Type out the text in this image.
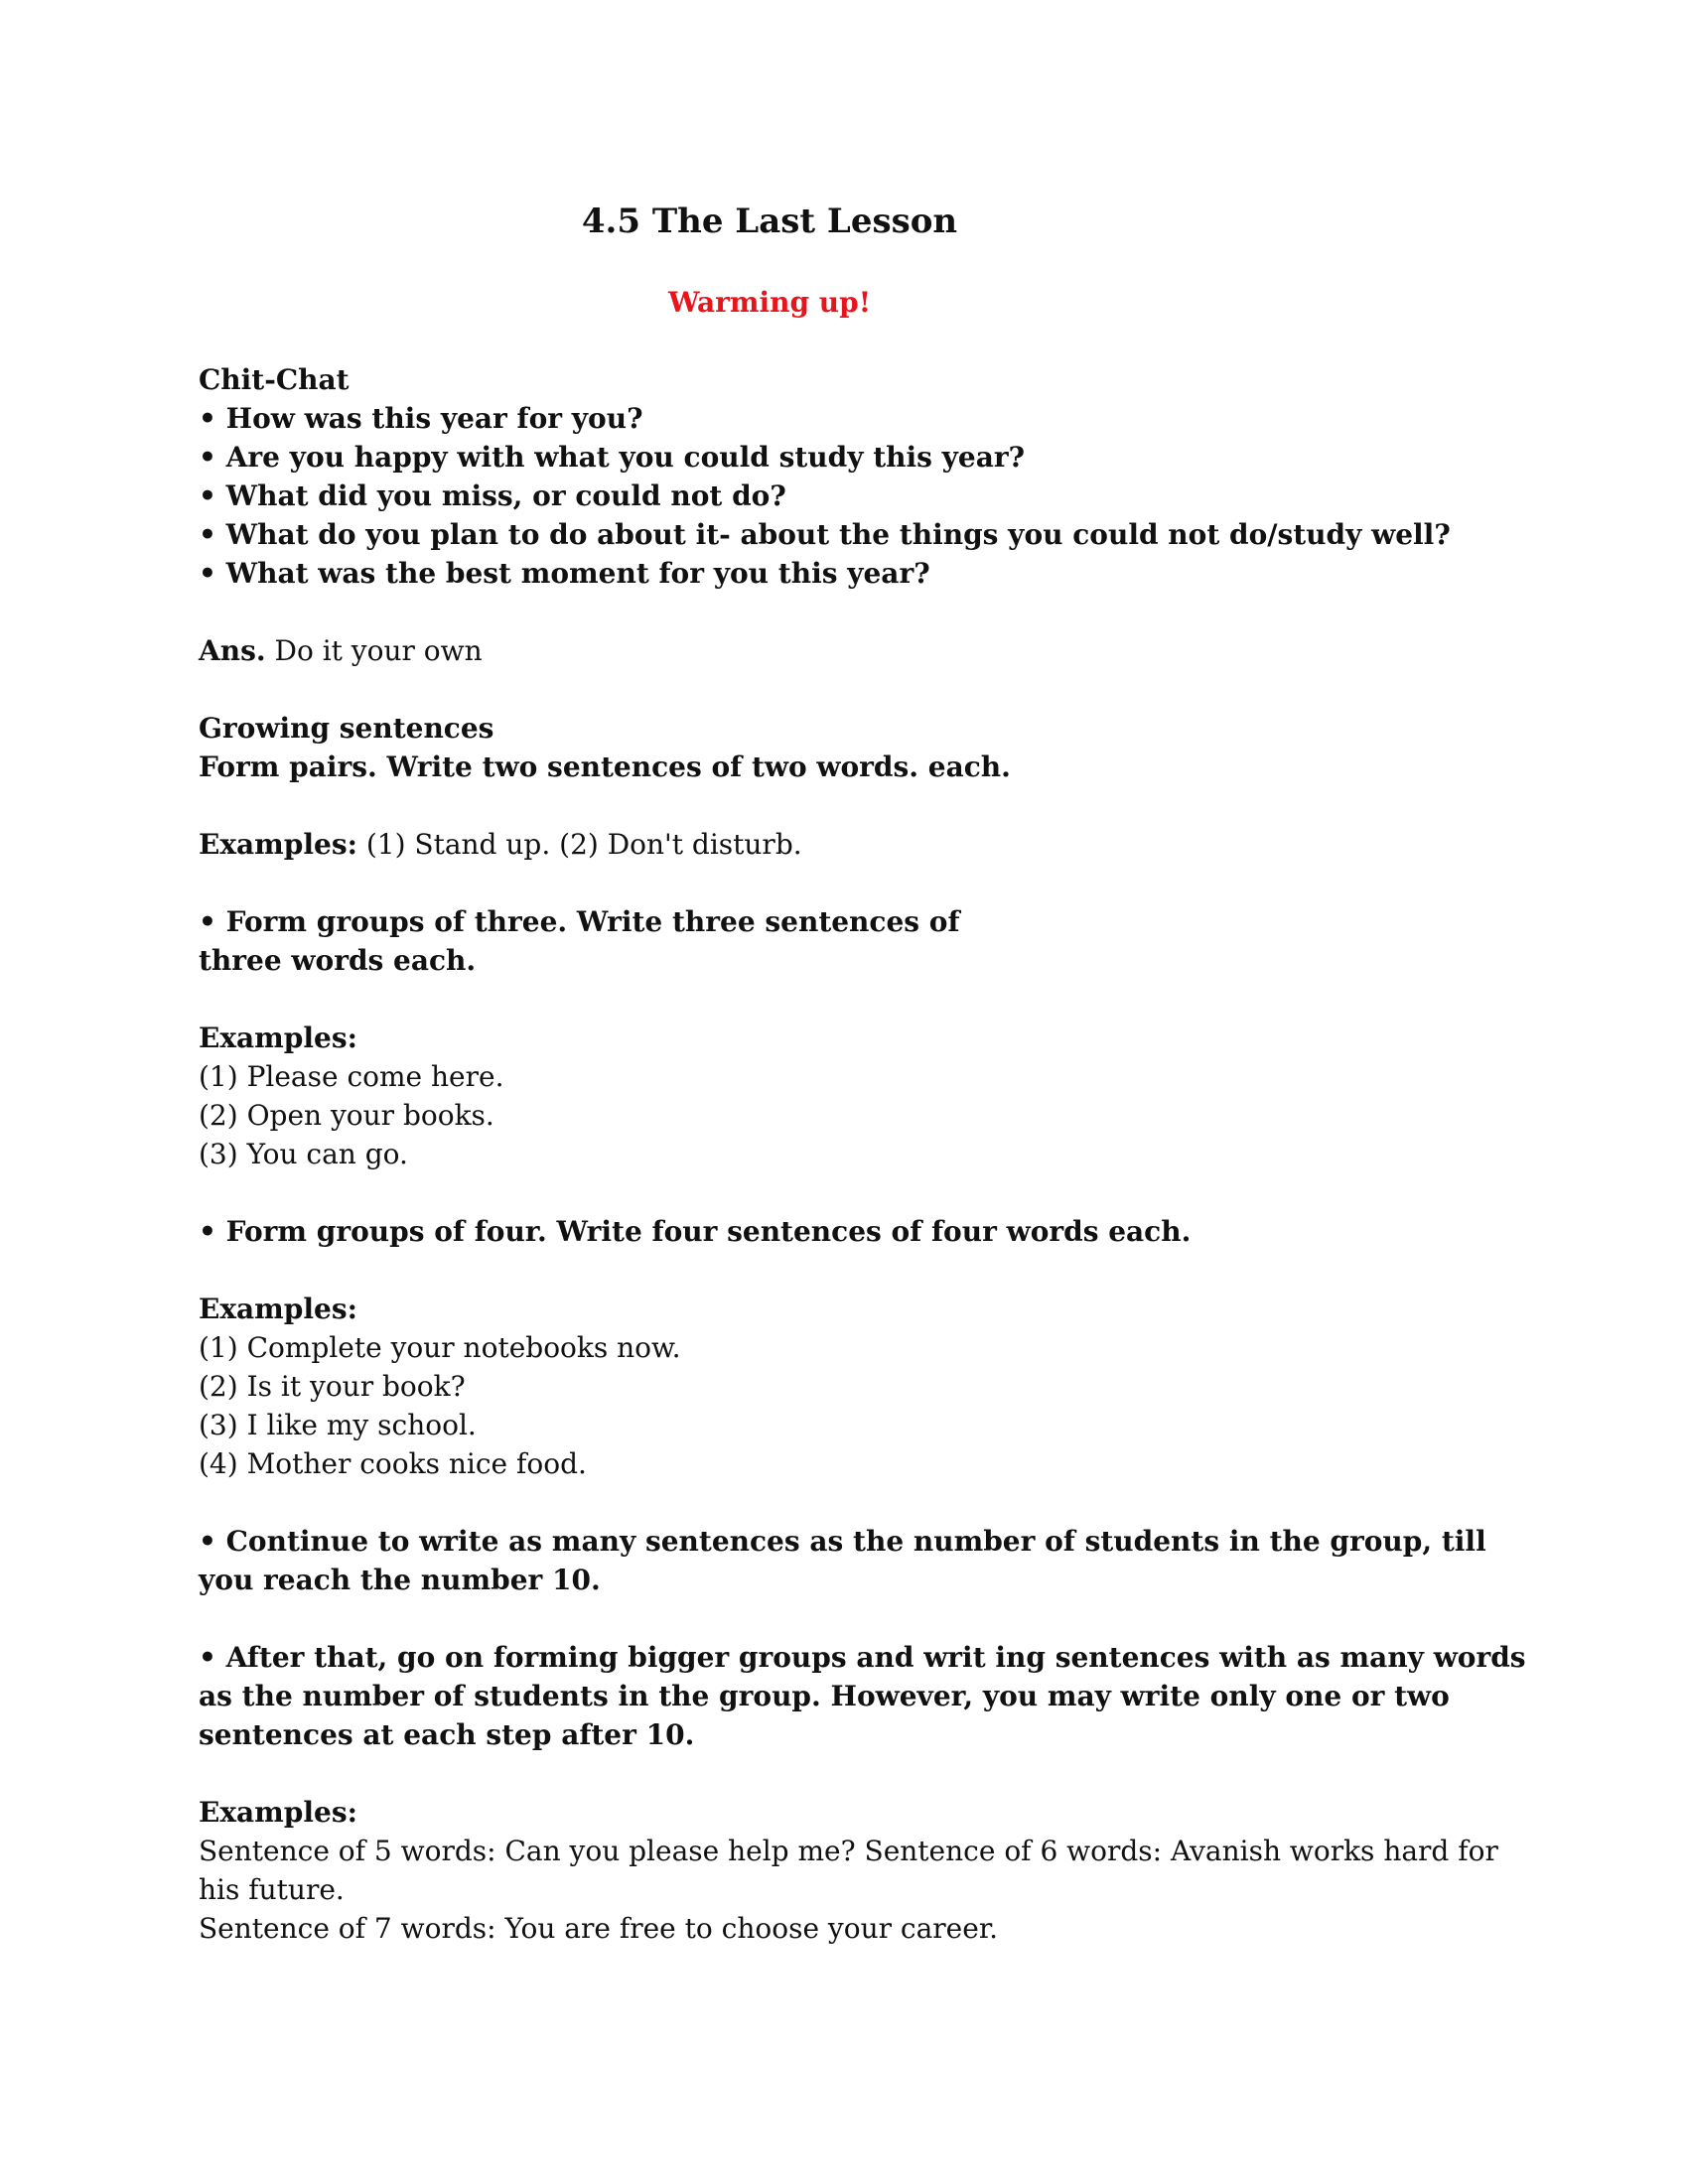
4.5 The Last Lesson
Warming up!
Chit-Chat
• How was this year for you?
• Are you happy with what you could study this year?
• What did you miss, or could not do?
• What do you plan to do about it- about the things you could not do/study well?
• What was the best moment for you this year?
Ans. Do it your own
Growing sentences
Form pairs. Write two sentences of two words. each.
Examples: (1) Stand up. (2) Don't disturb.
• Form groups of three. Write three sentences of
three words each.
Examples:
(1) Please come here.
(2) Open your books.
(3) You can go.
• Form groups of four. Write four sentences of four words each.
Examples:
(1) Complete your notebooks now.
(2) Is it your book?
(3) I like my school.
(4) Mother cooks nice food.
• Continue to write as many sentences as the number of students in the group, till
you reach the number 10.
• After that, go on forming bigger groups and writ ing sentences with as many words
as the number of students in the group. However, you may write only one or two
sentences at each step after 10.
Examples:
Sentence of 5 words: Can you please help me? Sentence of 6 words: Avanish works hard for
his future.
Sentence of 7 words: You are free to choose your career.
